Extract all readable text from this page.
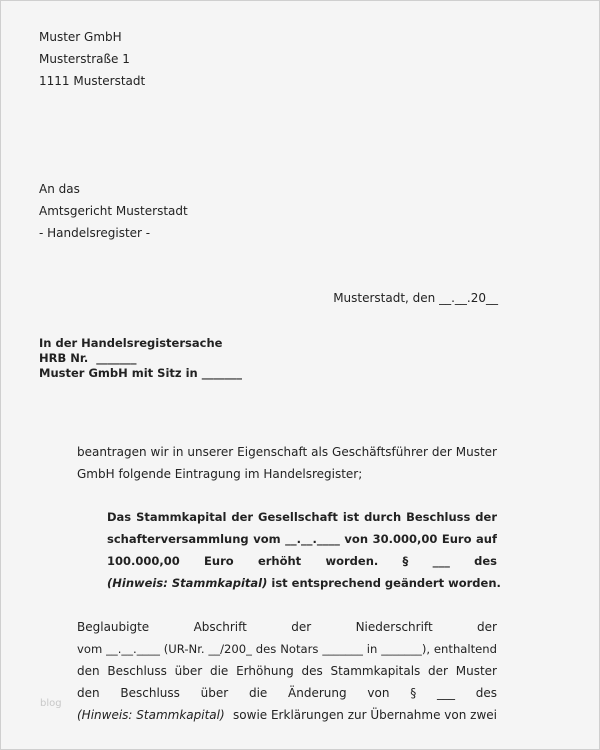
Muster GmbH
Musterstraße 1
1111 Musterstadt
An das
Amtsgericht Musterstadt
- Handelsregister -
Musterstadt, den __.__.20__
In der Handelsregistersache
HRB Nr.  _______
Muster GmbH mit Sitz in _______
beantragen wir in unserer Eigenschaft als Geschäftsführer der Muster
GmbH folgende Eintragung im Handelsregister;
Das Stammkapital der Gesellschaft ist durch Beschluss der
schafterversammlung vom __.__.____ von 30.000,00 Euro auf
100.000,00 Euro erhöht worden. § ___ des
(Hinweis: Stammkapital) ist entsprechend geändert worden.
Beglaubigte Abschrift der Niederschrift der
vom __.__.____ (UR-Nr. __/200_ des Notars _______ in _______), enthaltend
den Beschluss über die Erhöhung des Stammkapitals der Muster
den Beschluss über die Änderung von § ___ des
(Hinweis: Stammkapital) sowie Erklärungen zur Übernahme von zwei
blog
